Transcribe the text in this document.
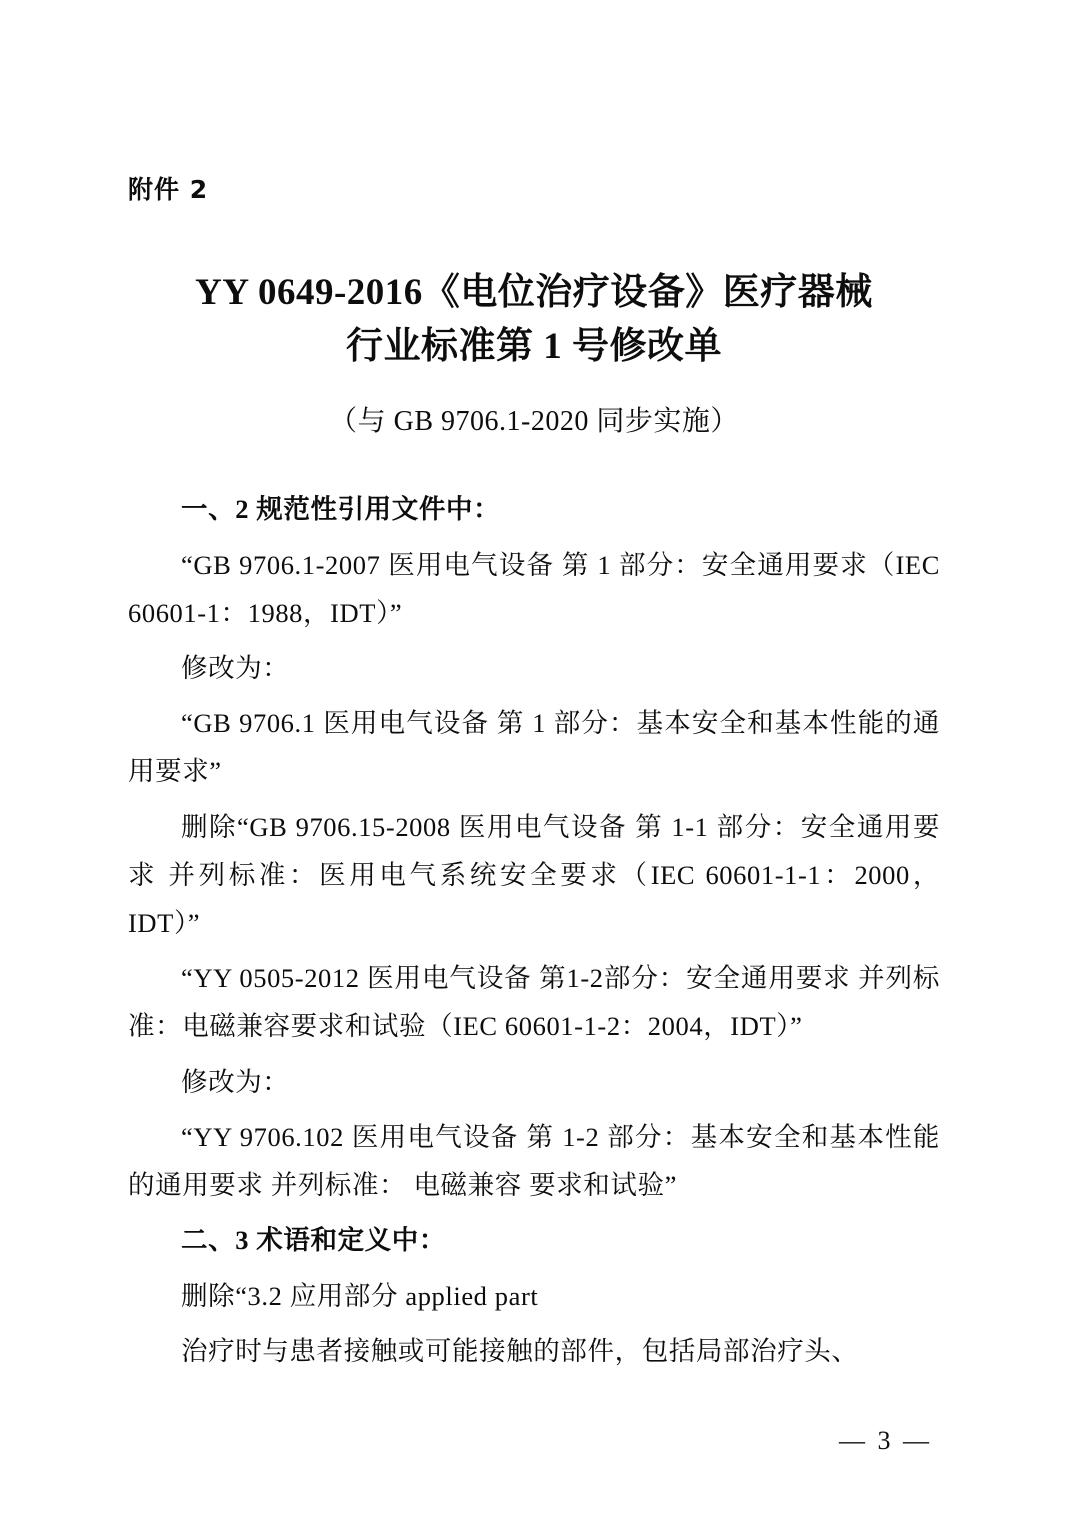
附件 2
YY 0649-2016《电位治疗设备》医疗器械
行业标准第 1 号修改单
（与 GB 9706.1-2020 同步实施）

一、2 规范性引用文件中：

“GB 9706.1-2007 医用电气设备 第 1 部分：安全通用要求（IEC 60601-1：1988，IDT）”

修改为：

“GB 9706.1 医用电气设备 第 1 部分：基本安全和基本性能的通用要求”

删除“GB 9706.15-2008 医用电气设备 第 1-1 部分：安全通用要求 并列标准：医用电气系统安全要求（IEC 60601-1-1：2000，IDT）”

“YY 0505-2012 医用电气设备 第1-2部分：安全通用要求 并列标准：电磁兼容要求和试验（IEC 60601-1-2：2004，IDT）”

修改为：

“YY 9706.102 医用电气设备 第 1-2 部分：基本安全和基本性能的通用要求 并列标准： 电磁兼容 要求和试验”

二、3 术语和定义中：

删除“3.2 应用部分 applied part

治疗时与患者接触或可能接触的部件，包括局部治疗头、

— 3 —
